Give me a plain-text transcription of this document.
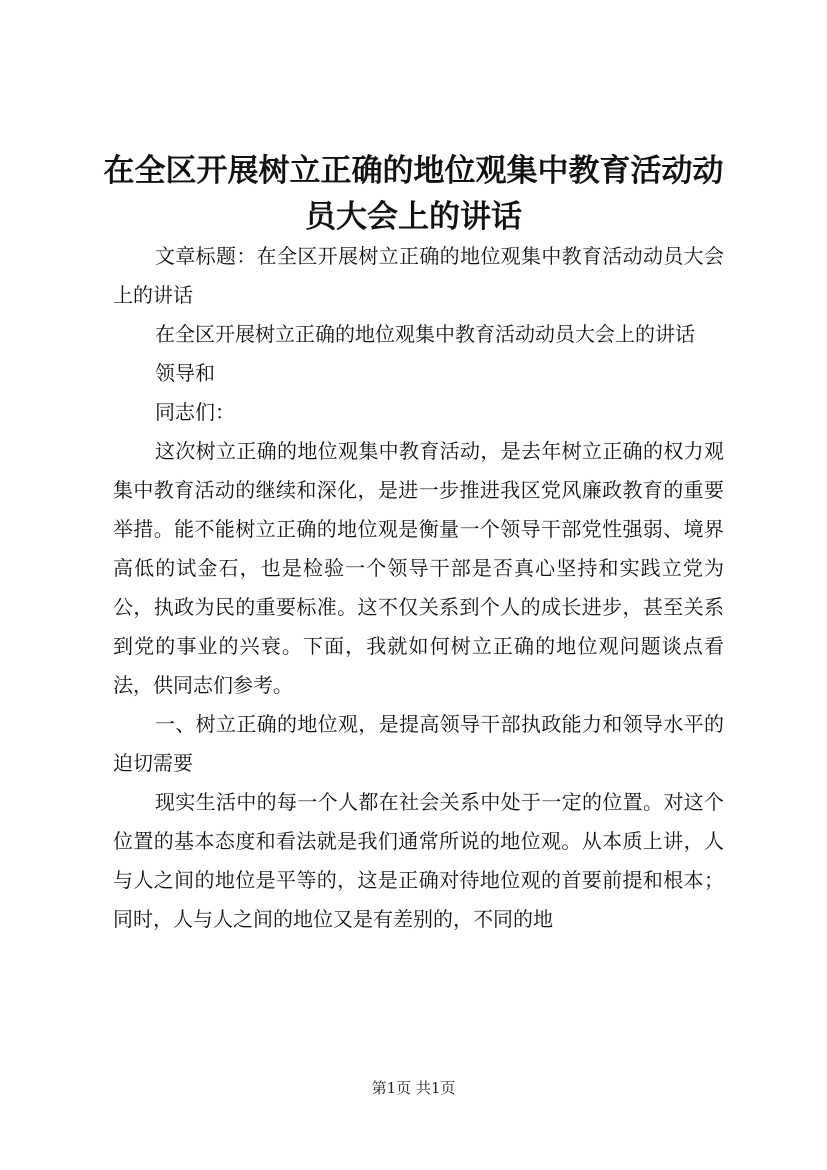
在全区开展树立正确的地位观集中教育活动动员大会上的讲话

文章标题：在全区开展树立正确的地位观集中教育活动动员大会上的讲话

在全区开展树立正确的地位观集中教育活动动员大会上的讲话

领导和

同志们：

这次树立正确的地位观集中教育活动，是去年树立正确的权力观集中教育活动的继续和深化，是进一步推进我区党风廉政教育的重要举措。能不能树立正确的地位观是衡量一个领导干部党性强弱、境界高低的试金石，也是检验一个领导干部是否真心坚持和实践立党为公，执政为民的重要标准。这不仅关系到个人的成长进步，甚至关系到党的事业的兴衰。下面，我就如何树立正确的地位观问题谈点看法，供同志们参考。

一、树立正确的地位观，是提高领导干部执政能力和领导水平的迫切需要

现实生活中的每一个人都在社会关系中处于一定的位置。对这个位置的基本态度和看法就是我们通常所说的地位观。从本质上讲，人与人之间的地位是平等的，这是正确对待地位观的首要前提和根本；同时，人与人之间的地位又是有差别的，不同的地

第1页 共1页
